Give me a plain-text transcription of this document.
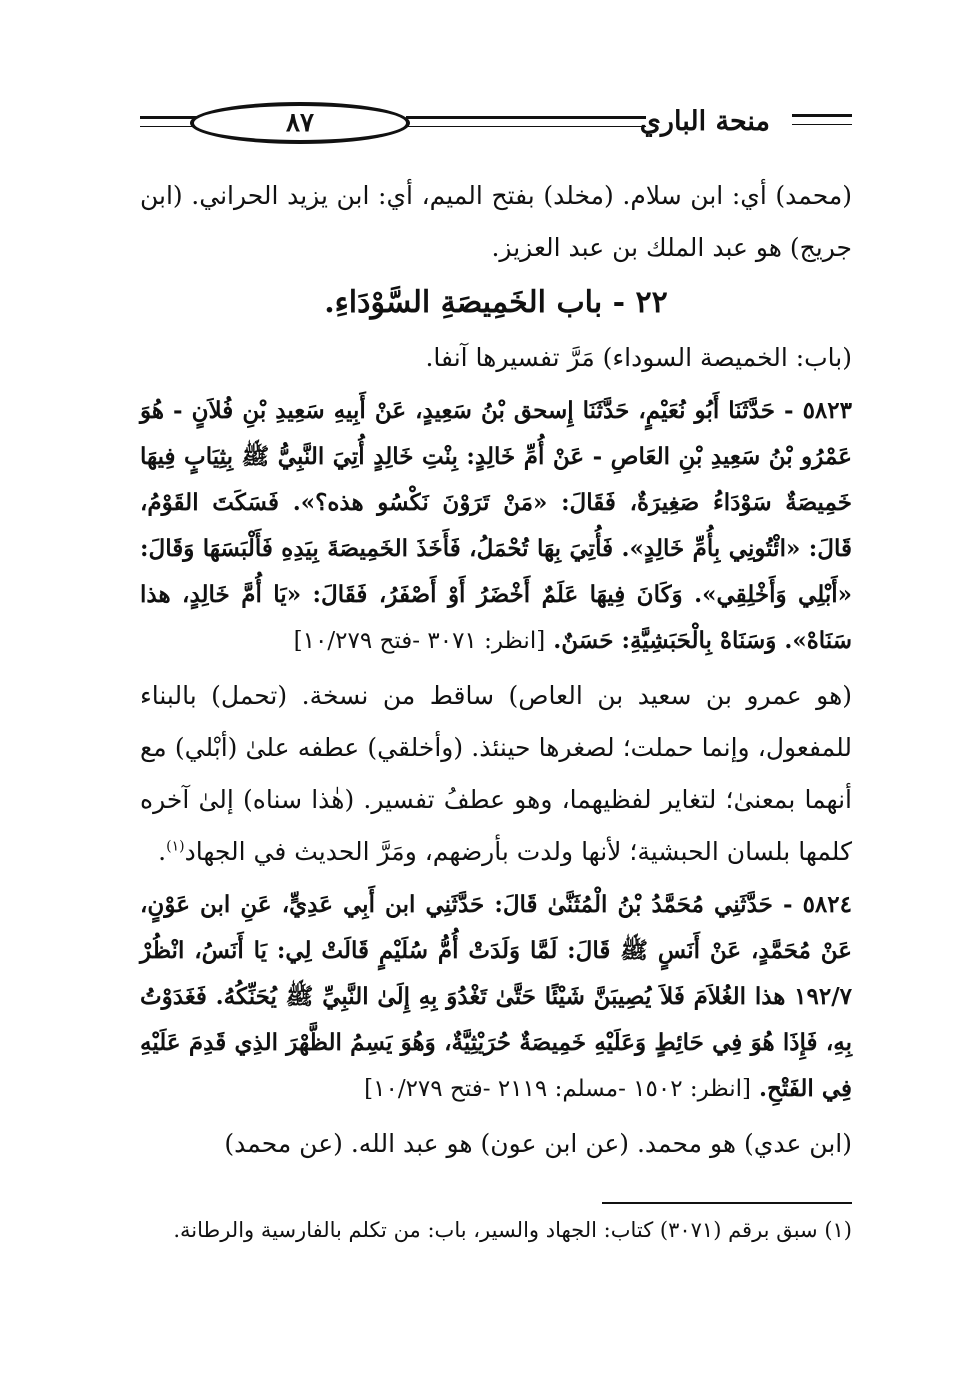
٨٧	منحة الباري

(محمد) أي: ابن سلام. (مخلد) بفتح الميم، أي: ابن يزيد الحراني. (ابن جريج) هو عبد الملك بن عبد العزيز.

٢٢ - باب الخَمِيصَةِ السَّوْدَاءِ.

(باب: الخميصة السوداء) مَرَّ تفسيرها آنفا.

٥٨٢٣ - حَدَّثَنَا أَبُو نُعَيْمٍ، حَدَّثَنَا إِسحق بْنُ سَعِيدٍ، عَنْ أَبِيهِ سَعِيدِ بْنِ فُلاَنٍ - هُوَ عَمْرُو بْنُ سَعِيدِ بْنِ العَاصِ - عَنْ أُمِّ خَالِدٍ: بِنْتِ خَالِدٍ أُتِيَ النَّبِيُّ ﷺ بِثِيَابٍ فِيهَا خَمِيصَةٌ سَوْدَاءُ صَغِيرَةٌ، فَقَالَ: «مَنْ تَرَوْنَ نَكْسُو هذه؟». فَسَكَتَ القَوْمُ، قَالَ: «ائْتُونِي بِأُمِّ خَالِدٍ». فَأُتِيَ بِهَا تُحْمَلُ، فَأَخَذَ الخَمِيصَةَ بِيَدِهِ فَأَلْبَسَهَا وَقَالَ: «أَبْلِي وَأَخْلِقِي». وَكَانَ فِيهَا عَلَمٌ أَخْضَرُ أَوْ أَصْفَرُ، فَقَالَ: «يَا أُمَّ خَالِدٍ، هذا سَنَاهْ». وَسَنَاهْ بِالْحَبَشِيَّةِ: حَسَنٌ. [انظر: ٣٠٧١ -فتح ١٠/٢٧٩]

(هو عمرو بن سعيد بن العاص) ساقط من نسخة. (تحمل) بالبناء للمفعول، وإنما حملت؛ لصغرها حينئذ. (وأخلقي) عطفه علىٰ (أبْلي) مع أنهما بمعنىٰ؛ لتغاير لفظيهما، وهو عطفُ تفسير. (هٰذا سناه) إلىٰ آخره كلمها بلسان الحبشية؛ لأنها ولدت بأرضهم، ومَرَّ الحديث في الجهاد$^{(١)}$.

٥٨٢٤ - حَدَّثَنِي مُحَمَّدُ بْنُ الْمُثَنَّىٰ قَالَ: حَدَّثَنِي ابن أَبِي عَدِيٍّ، عَنِ ابن عَوْنٍ، عَنْ مُحَمَّدٍ، عَنْ أَنَسٍ ﷺ قَالَ: لَمَّا وَلَدَتْ أُمُّ سُلَيْمٍ قَالَتْ لِي: يَا أَنَسُ، انْظُرْ ١٩٢/٧ هذا الغُلاَمَ فَلاَ يُصِيبَنَّ شَيْئًا حَتَّىٰ تَغْدُوَ بِهِ إِلَىٰ النَّبِيِّ ﷺ يُحَنِّكُهُ. فَغَدَوْتُ بِهِ، فَإِذَا هُوَ فِي حَائِطٍ وَعَلَيْهِ خَمِيصَةٌ حُرَيْثِيَّةٌ، وَهُوَ يَسِمُ الظَّهْرَ الذِي قَدِمَ عَلَيْهِ فِي الفَتْحِ. [انظر: ١٥٠٢ -مسلم: ٢١١٩ -فتح ١٠/٢٧٩]

(ابن عدي) هو محمد. (عن ابن عون) هو عبد الله. (عن محمد)

(١) سبق برقم (٣٠٧١) كتاب: الجهاد والسير، باب: من تكلم بالفارسية والرطانة.
